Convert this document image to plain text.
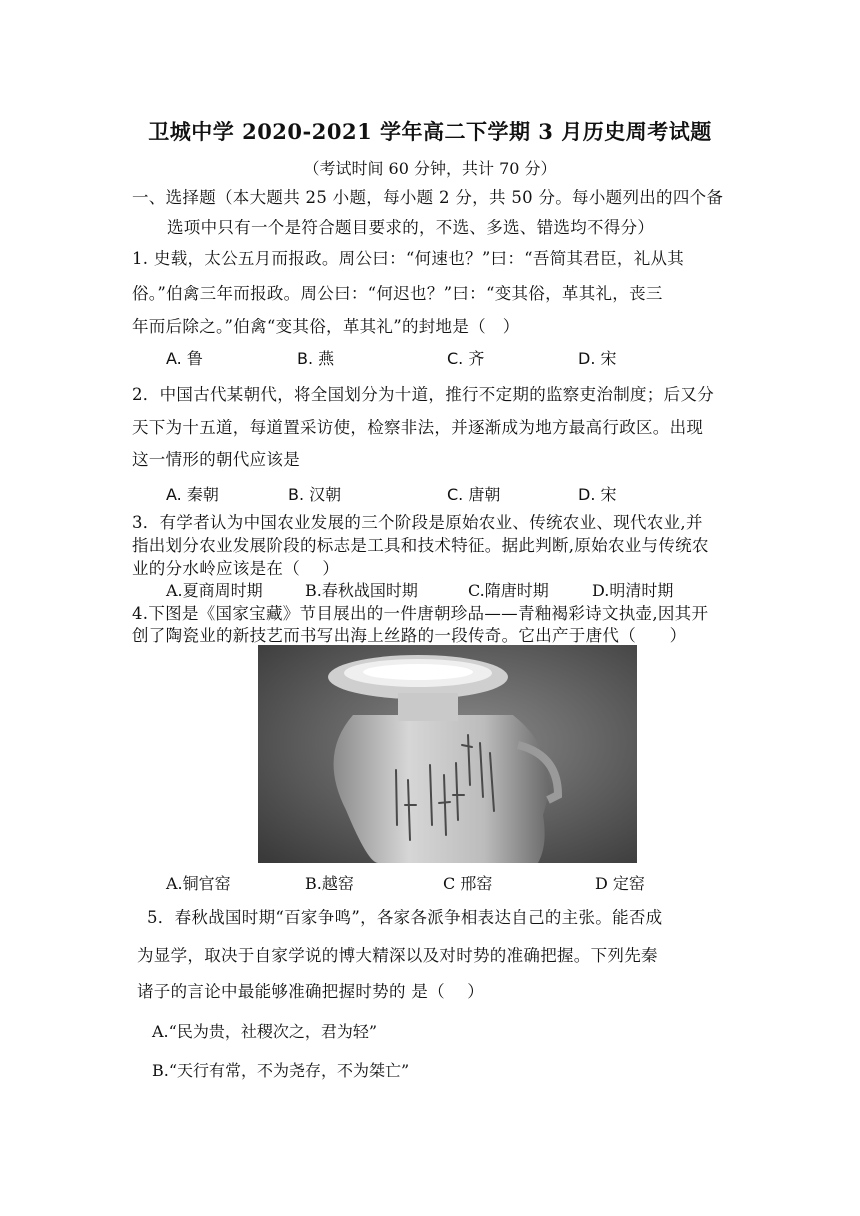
卫城中学 2020-2021 学年高二下学期 3 月历史周考试题
（考试时间 60 分钟，共计 70 分）
一、选择题（本大题共 25 小题，每小题 2 分，共 50 分。每小题列出的四个备
选项中只有一个是符合题目要求的，不选、多选、错选均不得分）
1. 史载，太公五月而报政。周公曰：“何速也？”曰：“吾简其君臣，礼从其
俗。”伯禽三年而报政。周公曰：“何迟也？”曰：“变其俗，革其礼，丧三
年而后除之。”伯禽“变其俗，革其礼”的封地是（　）
A. 鲁	B. 燕	C. 齐	D. 宋
2．中国古代某朝代，将全国划分为十道，推行不定期的监察吏治制度；后又分
天下为十五道，每道置采访使，检察非法，并逐渐成为地方最高行政区。出现
这一情形的朝代应该是
A. 秦朝	B. 汉朝	C. 唐朝	D. 宋
3．有学者认为中国农业发展的三个阶段是原始农业、传统农业、现代农业,并
指出划分农业发展阶段的标志是工具和技术特征。据此判断,原始农业与传统农
业的分水岭应该是在（　 ）
A.夏商周时期	B.春秋战国时期	C.隋唐时期	D.明清时期
4.下图是《国家宝藏》节目展出的一件唐朝珍品——青釉褐彩诗文执壶,因其开
创了陶瓷业的新技艺而书写出海上丝路的一段传奇。它出产于唐代（　　）
A.铜官窑	B.越窑	C 邢窑	D 定窑
5．春秋战国时期“百家争鸣”，各家各派争相表达自己的主张。能否成
为显学，取决于自家学说的博大精深以及对时势的准确把握。下列先秦
诸子的言论中最能够准确把握时势的 是（　 ）
A.“民为贵，社稷次之，君为轻”
B.“天行有常，不为尧存，不为桀亡”
